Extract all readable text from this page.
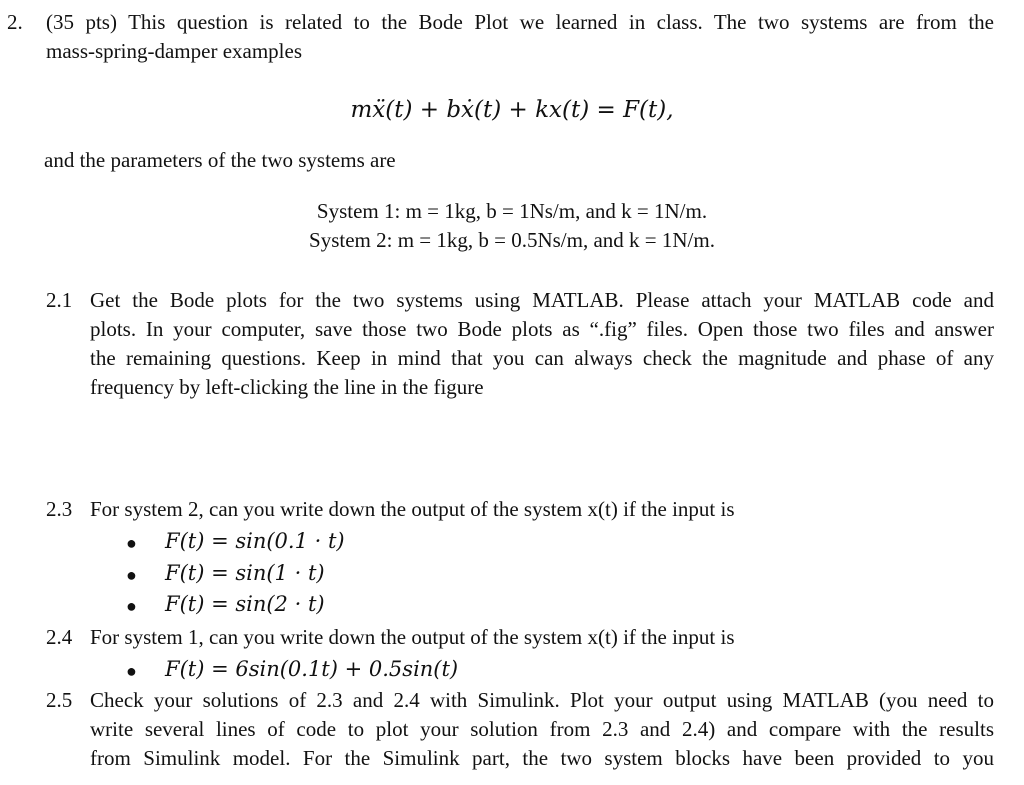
2. (35 pts) This question is related to the Bode Plot we learned in class. The two systems are from the
mass-spring-damper examples
mẍ(t) + bẋ(t) + kx(t) = F(t),
and the parameters of the two systems are
System 1: m = 1kg, b = 1Ns/m, and k = 1N/m.
System 2: m = 1kg, b = 0.5Ns/m, and k = 1N/m.
2.1 Get the Bode plots for the two systems using MATLAB. Please attach your MATLAB code and
plots. In your computer, save those two Bode plots as “.fig” files. Open those two files and answer
the remaining questions. Keep in mind that you can always check the magnitude and phase of any
frequency by left-clicking the line in the figure
2.3 For system 2, can you write down the output of the system x(t) if the input is
● F(t) = sin(0.1 · t)
● F(t) = sin(1 · t)
● F(t) = sin(2 · t)
2.4 For system 1, can you write down the output of the system x(t) if the input is
● F(t) = 6sin(0.1t) + 0.5sin(t)
2.5 Check your solutions of 2.3 and 2.4 with Simulink. Plot your output using MATLAB (you need to
write several lines of code to plot your solution from 2.3 and 2.4) and compare with the results
from Simulink model. For the Simulink part, the two system blocks have been provided to you
